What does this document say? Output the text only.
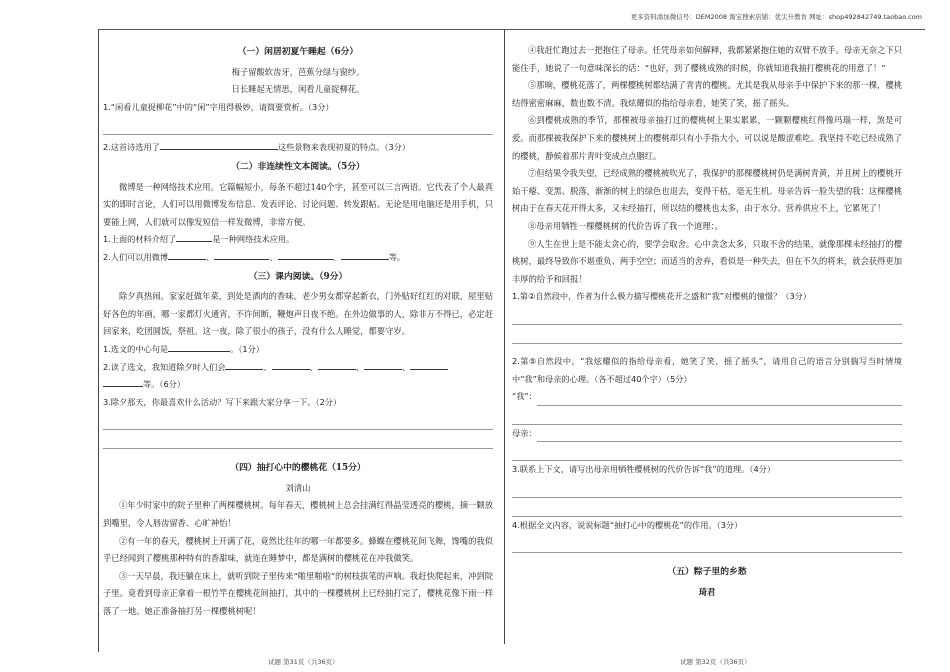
更多资料添加微信号：DEM2008 淘宝搜索店铺：优尖升教育 网址：shop492842749.taobao.com

（一）闲居初夏午睡起（6分）

梅子留酸软齿牙，芭蕉分绿与窗纱。

日长睡起无情思，闲看儿童捉柳花。

1.“闲看儿童捉柳花”中的“闲”字用得极妙，请简要赏析。（3分）

2.这首诗选用了	这些景物来表现初夏的特点。（3分）

（二）非连续性文本阅读。（5分）

微博是一种网络技术应用。它篇幅短小，每条不超过140个字，甚至可以三言两语。它代表了个人最真实的即时言论，人们可以用微博发布信息、发表评论、讨论问题、转发跟帖。无论是用电脑还是用手机，只要能上网，人们就可以像发短信一样发微博，非常方便。

1.上面的材料介绍了	是一种网络技术应用。

2.人们可以用微博	、	、	、	等。

（三）课内阅读。（9分）

除夕真热闹。家家赶做年菜，到处是酒肉的香味。老少男女都穿起新衣，门外贴好红红的对联，屋里贴好各色的年画，哪一家都灯火通宵，不许间断，鞭炮声日夜不绝。在外边做事的人，除非万不得已，必定赶回家来，吃团圆饭，祭祖。这一夜，除了很小的孩子，没有什么人睡觉，都要守岁。

1.选文的中心句是	。（1分）

2.读了选文，我知道除夕时人们会	、	、	、	、
等。（6分）

3.除夕那天，你最喜欢什么活动？写下来跟大家分享一下。（2分）

（四）抽打心中的樱桃花（15分）

刘清山

①年少时家中的院子里种了两棵樱桃树。每年春天，樱桃树上总会挂满红得晶莹透亮的樱桃，摘一颗放到嘴里，令人唇齿留香、心旷神怡！

②有一年的春天，樱桃树上开满了花，竟然比往年的哪一年都要多。蜂蝶在樱桃花间飞舞，馋嘴的我似乎已经闻到了樱桃那种特有的香甜味，就连在睡梦中，都是满树的樱桃花在冲我微笑。

③一天早晨，我还躺在床上，就听到院子里传来“啪里啪啦”的树枝拔笔的声响。我赶快爬起来，冲到院子里。竟看到母亲正拿着一根竹竿在樱桃花间抽打，其中的一棵樱桃树上已经抽打完了，樱桃花像下雨一样落了一地。她正准备抽打另一棵樱桃树呢！

④我赶忙跑过去一把抱住了母亲。任凭母亲如何解释，我都紧紧抱住她的双臂不放手。母亲无奈之下只能住手，她说了一句意味深长的话：“也好，到了樱桃成熟的时候，你就知道我抽打樱桃花的用意了！”

⑤那晌，樱桃花落了，两棵樱桃树都结满了青青的樱桃。尤其是我从母亲手中保护下来的那一棵，樱桃结得密密麻麻，数也数不清。我炫耀似的指给母亲看，她笑了笑，摇了摇头。

⑥到樱桃成熟的季节，那棵被母亲抽打过的樱桃树上果实累累，一颗颗樱桃红得像玛瑙一样，煞是可爱。而那棵被我保护下来的樱桃树上的樱桃却只有小手指大小，可以说是酸涩难吃。我坚持不吃已经成熟了的樱桃，静候着那片青叶变成点点胭红。

⑦但结果令我失望，已经成熟的樱桃被吹光了，我保护的那棵樱桃树仍是满树青黄，并且树上的樱桃开始干瘪、变黑、脱落，渐渐的树上的绿色也退去，变得干枯，毫无生机。母亲告诉一脸失望的我：这棵樱桃树由于在春天花开得太多，又未经抽打，所以结的樱桃也太多，由于水分、营养供应不上，它累死了！

⑧母亲用牺牲一棵樱桃树的代价告诉了我一个道理：。

⑨人生在世上是不能太贪心的，要学会取舍。心中贪念太多，只取不舍的结果，就像那棵未经抽打的樱桃树，最终导致你不堪重负、两手空空；而适当的舍弃，看似是一种失去，但在不久的将来，就会获得更加丰厚的给予和回报！

1.第②自然段中，作者为什么极力描写樱桃花开之盛和“我”对樱桃的憧憬？（3分）

2.第⑤自然段中，“我炫耀似的指给母亲看，她笑了笑，摇了摇头”，请用自己的语言分别揣写当时情境中“我”和母亲的心理。（各不超过40个字）（5分）

“我”：

母亲：

3.联系上下文，请写出母亲用牺牲樱桃树的代价告诉“我”的道理。（4分）

4.根据全文内容，说说标题“抽打心中的樱桃花”的作用。（3分）

（五）粽子里的乡愁

琦君

试题 第31页（共36页）	试题 第32页（共36页）
